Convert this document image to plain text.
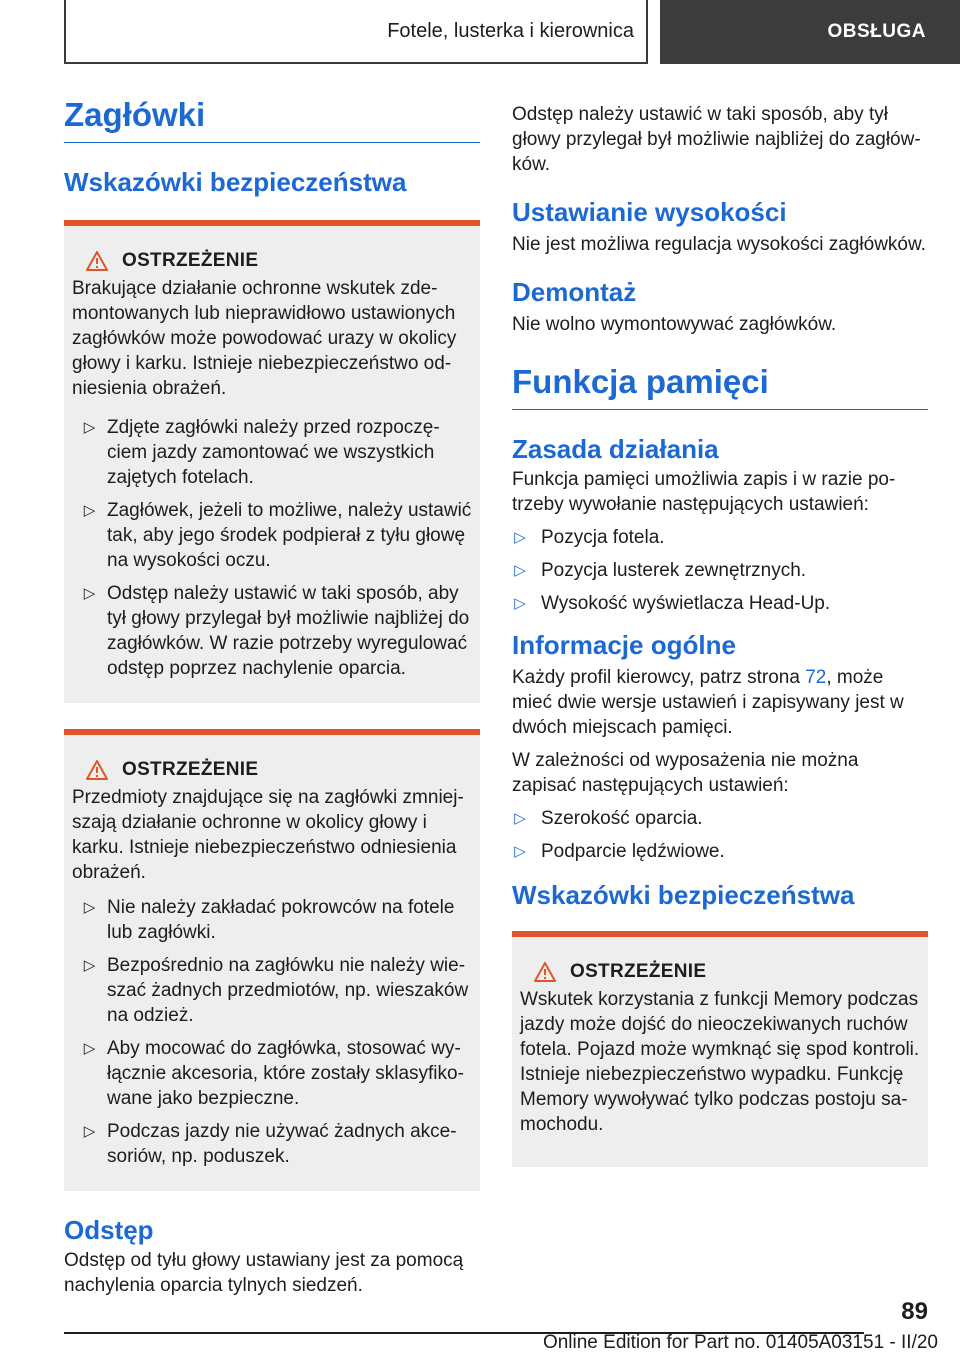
Fotele, lusterka i kierownica	OBSŁUGA
Zagłówki
Wskazówki bezpieczeństwa
OSTRZEŻENIE

Brakujące działanie ochronne wskutek zdemontowanych lub nieprawidłowo ustawionych zagłówków może powodować urazy w okolicy głowy i karku. Istnieje niebezpieczeństwo odniesienia obrażeń.

▷ Zdjęte zagłówki należy przed rozpoczęciem jazdy zamontować we wszystkich zajętych fotelach.
▷ Zagłówek, jeżeli to możliwe, należy ustawić tak, aby jego środek podpierał z tyłu głowę na wysokości oczu.
▷ Odstęp należy ustawić w taki sposób, aby tył głowy przylegał był możliwie najbliżej do zagłówków. W razie potrzeby wyregulować odstęp poprzez nachylenie oparcia.
OSTRZEŻENIE

Przedmioty znajdujące się na zagłówki zmniejszają działanie ochronne w okolicy głowy i karku. Istnieje niebezpieczeństwo odniesienia obrażeń.

▷ Nie należy zakładać pokrowców na fotele lub zagłówki.
▷ Bezpośrednio na zagłówku nie należy wieszać żadnych przedmiotów, np. wieszaków na odzież.
▷ Aby mocować do zagłówka, stosować wyłącznie akcesoria, które zostały sklasyfikowane jako bezpieczne.
▷ Podczas jazdy nie używać żadnych akcesoriów, np. poduszek.
Odstęp

Odstęp od tyłu głowy ustawiany jest za pomocą nachylenia oparcia tylnych siedzeń.

Odstęp należy ustawić w taki sposób, aby tył głowy przylegał był możliwie najbliżej do zagłówków.

Ustawianie wysokości

Nie jest możliwa regulacja wysokości zagłówków.

Demontaż

Nie wolno wymontowywać zagłówków.

Funkcja pamięci
Zasada działania

Funkcja pamięci umożliwia zapis i w razie potrzeby wywołanie następujących ustawień:

▷ Pozycja fotela.
▷ Pozycja lusterek zewnętrznych.
▷ Wysokość wyświetlacza Head-Up.
Informacje ogólne

Każdy profil kierowcy, patrz strona 72, może mieć dwie wersje ustawień i zapisywany jest w dwóch miejscach pamięci.

W zależności od wyposażenia nie można zapisać następujących ustawień:

▷ Szerokość oparcia.
▷ Podparcie lędźwiowe.
Wskazówki bezpieczeństwa
OSTRZEŻENIE

Wskutek korzystania z funkcji Memory podczas jazdy może dojść do nieoczekiwanych ruchów fotela. Pojazd może wymknąć się spod kontroli. Istnieje niebezpieczeństwo wypadku. Funkcję Memory wywoływać tylko podczas postoju samochodu.

89
Online Edition for Part no. 01405A03151 - II/20
